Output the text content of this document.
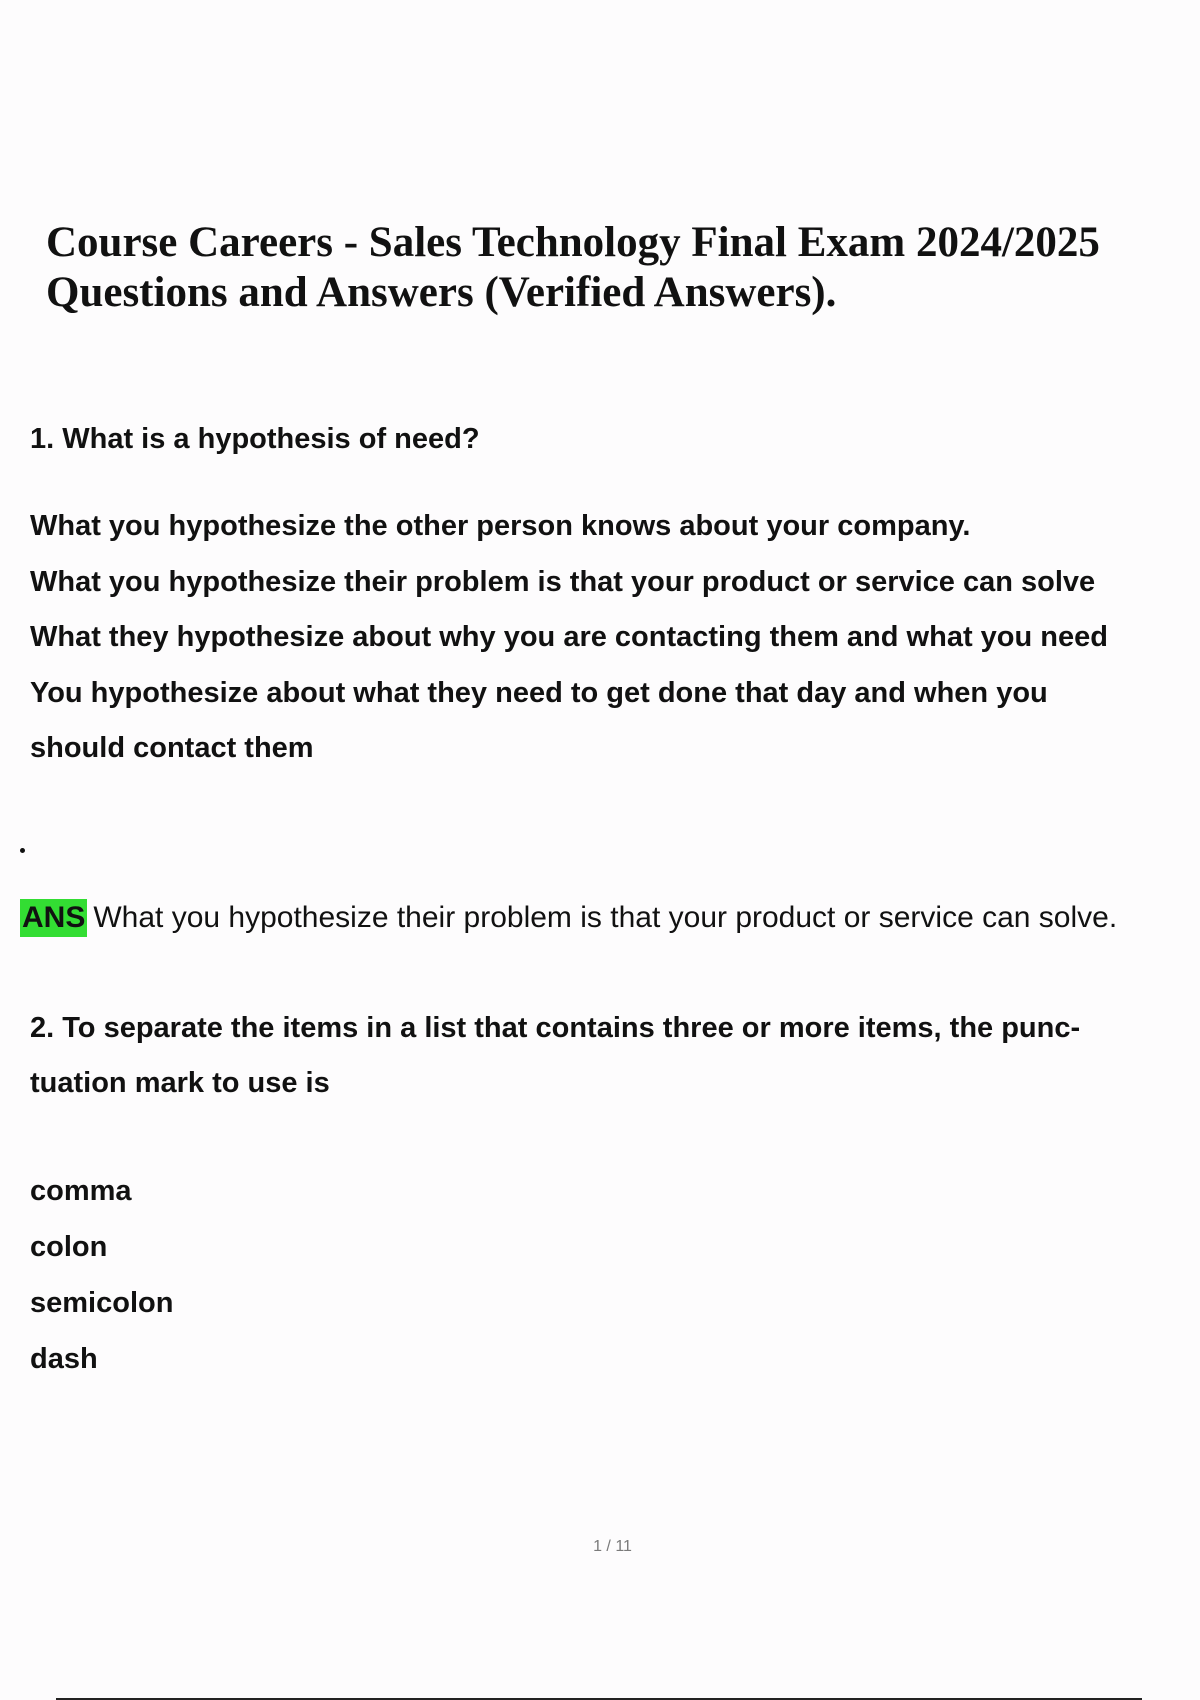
Course Careers - Sales Technology Final Exam 2024/2025
Questions and Answers (Verified Answers).

1. What is a hypothesis of need?

What you hypothesize the other person knows about your company.
What you hypothesize their problem is that your product or service can solve
What they hypothesize about why you are contacting them and what you need
You hypothesize about what they need to get done that day and when you
should contact them
ANS What you hypothesize their problem is that your product or service can solve.
2. To separate the items in a list that contains three or more items, the punc-
tuation mark to use is
comma
colon
semicolon
dash
1 / 11
